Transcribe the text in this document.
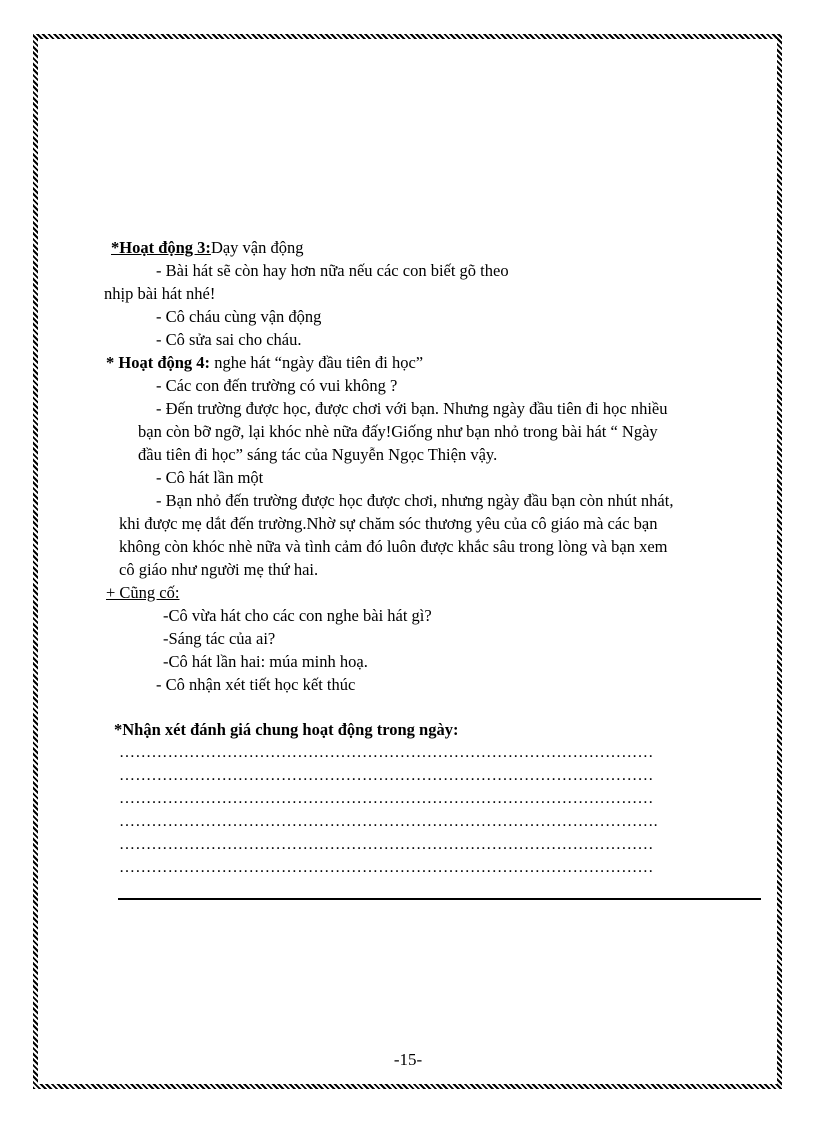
*Hoạt động 3:Dạy vận động
- Bài hát sẽ còn hay hơn nữa nếu các con biết gõ theo
nhịp bài hát nhé!
- Cô cháu cùng vận động
- Cô sửa sai cho cháu.
* Hoạt động 4: nghe hát “ngày đầu tiên đi học”
- Các con đến trường có vui không ?
- Đến trường được học, được chơi với bạn. Nhưng ngày đầu tiên đi học nhiều
bạn còn bỡ ngỡ, lại khóc nhè nữa đấy!Giống như bạn nhỏ trong bài hát “ Ngày
đầu tiên đi học” sáng tác của Nguyễn Ngọc Thiện vậy.
- Cô hát lần một
- Bạn nhỏ đến trường được học được chơi, nhưng ngày đầu bạn còn nhút nhát,
khi được mẹ dắt đến trường.Nhờ sự chăm sóc thương yêu của cô giáo mà các bạn
không còn khóc nhè nữa và tình cảm đó luôn được khắc sâu trong lòng và bạn xem
cô giáo như người mẹ thứ hai.
+ Cũng cố:
-Cô vừa hát cho các con nghe bài hát gì?
-Sáng tác của ai?
-Cô hát lần hai: múa minh hoạ.
- Cô nhận xét tiết học kết thúc
*Nhận xét đánh giá chung hoạt động trong ngày:
………………………………………………………………………………………
………………………………………………………………………………………
………………………………………………………………………………………
……………………………………………………………………………………….
………………………………………………………………………………………
………………………………………………………………………………………
-15-
